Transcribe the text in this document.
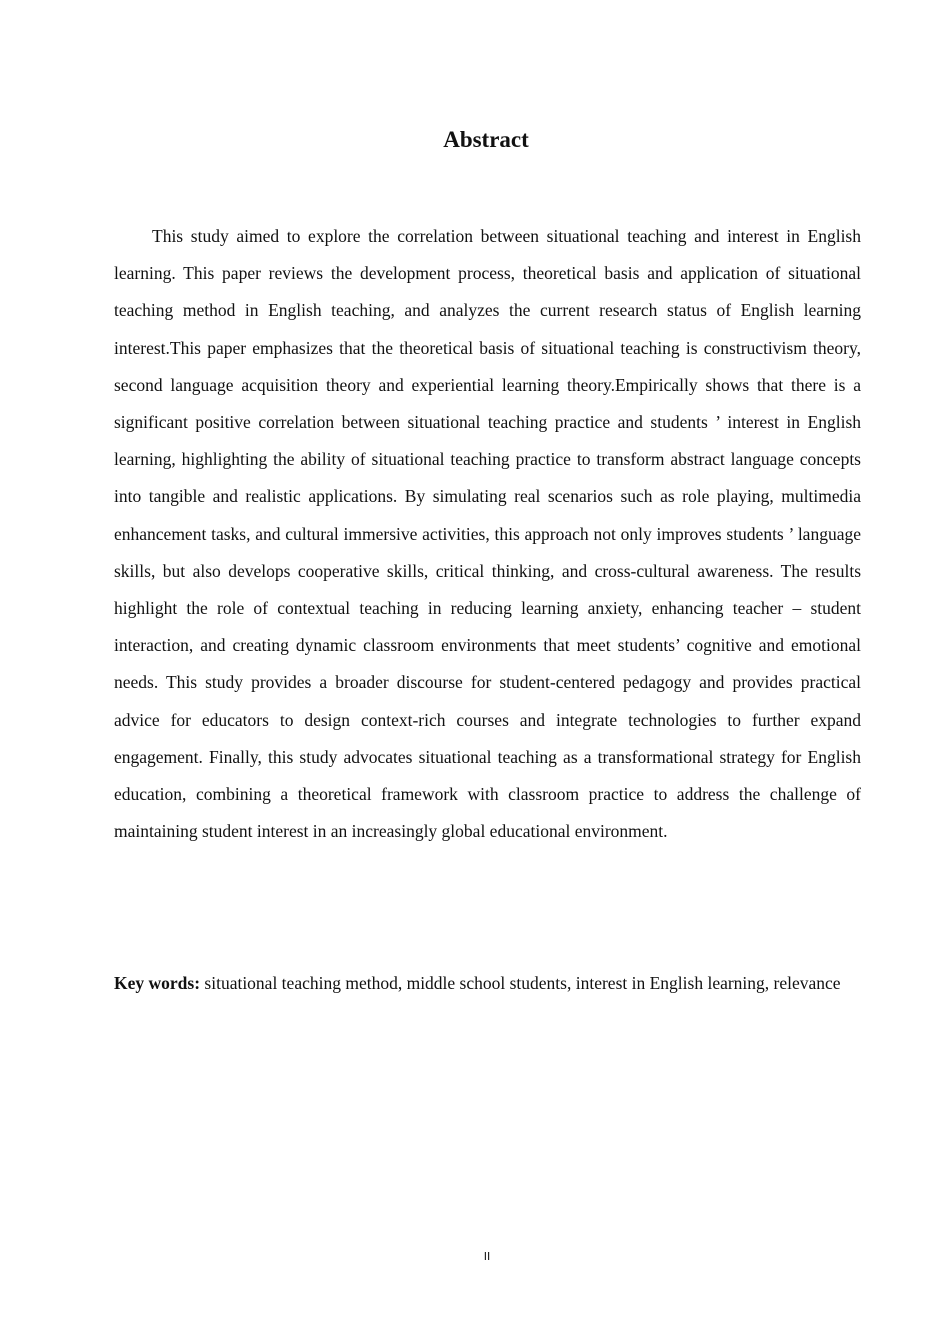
Abstract

This study aimed to explore the correlation between situational teaching and interest in English learning. This paper reviews the development process, theoretical basis and application of situational teaching method in English teaching, and analyzes the current research status of English learning interest.This paper emphasizes that the theoretical basis of situational teaching is constructivism theory, second language acquisition theory and experiential learning theory.Empirically shows that there is a significant positive correlation between situational teaching practice and students ’ interest in English learning, highlighting the ability of situational teaching practice to transform abstract language concepts into tangible and realistic applications. By simulating real scenarios such as role playing, multimedia enhancement tasks, and cultural immersive activities, this approach not only improves students ’ language skills, but also develops cooperative skills, critical thinking, and cross-cultural awareness. The results highlight the role of contextual teaching in reducing learning anxiety, enhancing teacher – student interaction, and creating dynamic classroom environments that meet students’ cognitive and emotional needs. This study provides a broader discourse for student-centered pedagogy and provides practical advice for educators to design context-rich courses and integrate technologies to further expand engagement. Finally, this study advocates situational teaching as a transformational strategy for English education, combining a theoretical framework with classroom practice to address the challenge of maintaining student interest in an increasingly global educational environment.

Key words: situational teaching method, middle school students, interest in English learning, relevance

II
